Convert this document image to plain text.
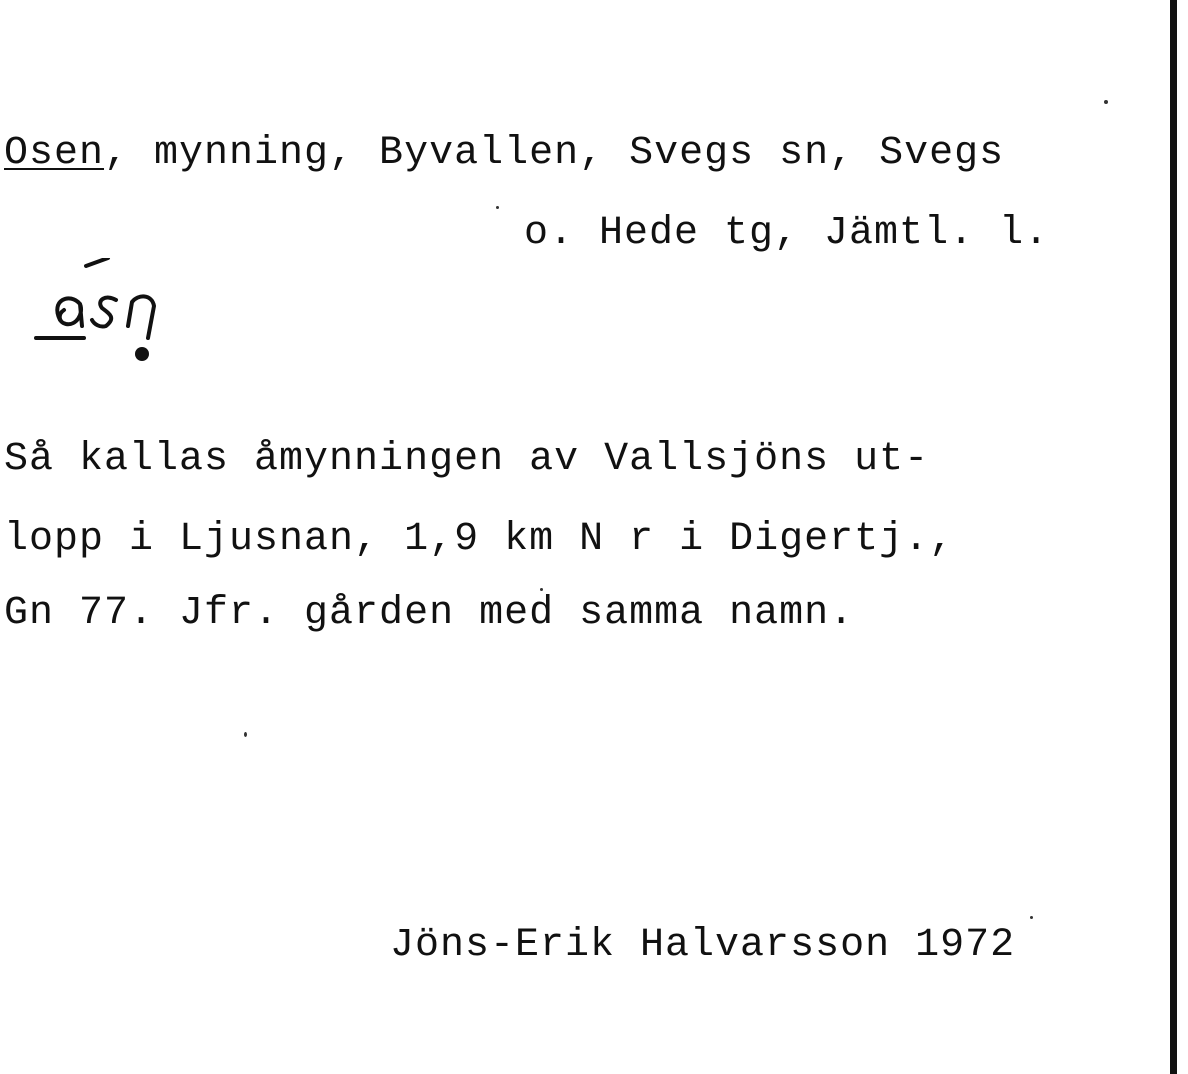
Osen, mynning, Byvallen, Svegs sn, Svegs
o. Hede tg, Jämtl. l.
Så kallas åmynningen av Vallsjöns ut-
lopp i Ljusnan, 1,9 km N r i Digertj.,
Gn 77. Jfr. gården med samma namn.
Jöns-Erik Halvarsson 1972
